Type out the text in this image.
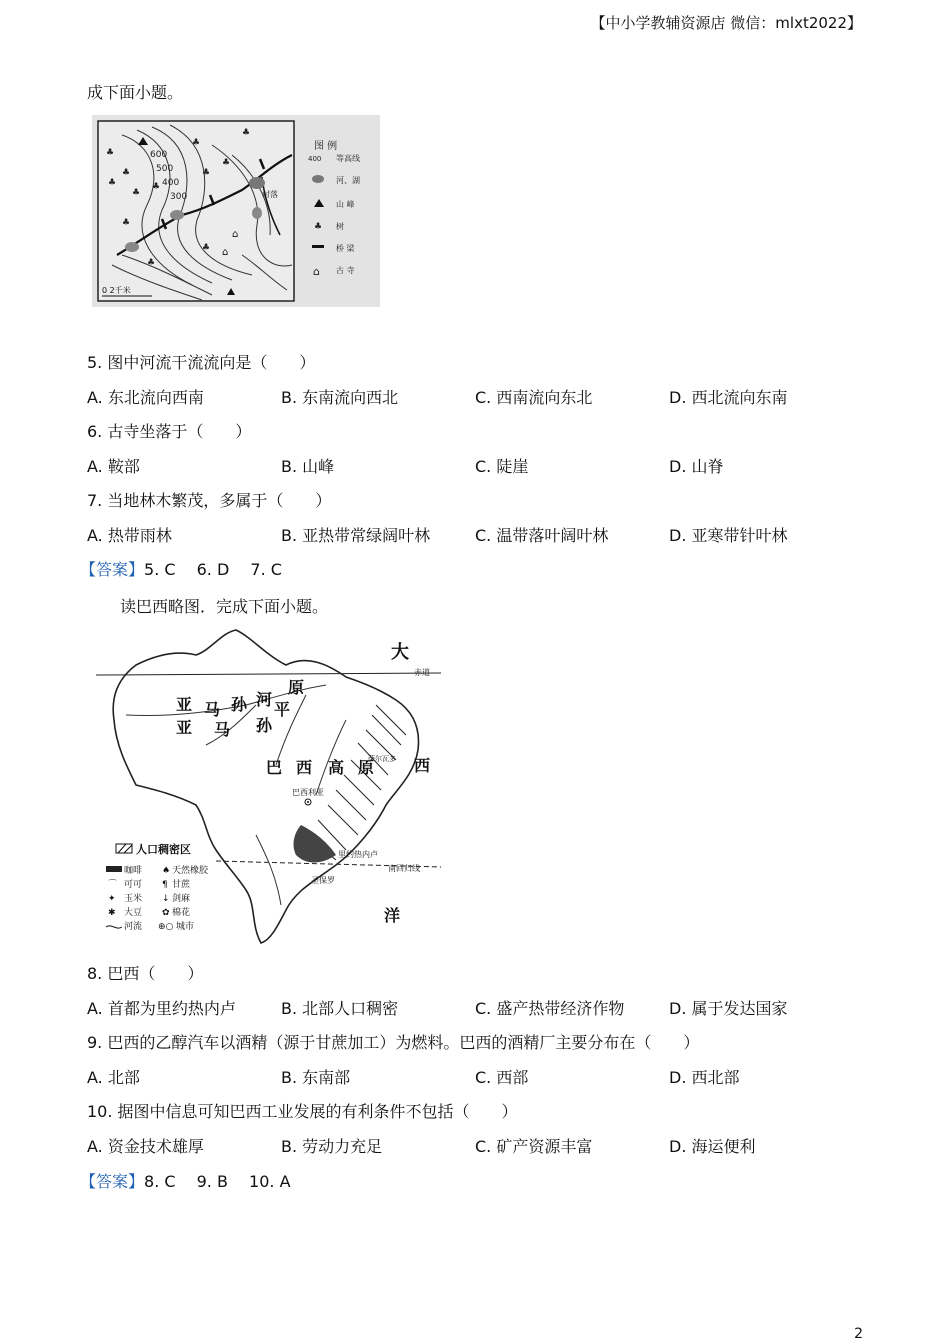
【中小学教辅资源店 微信：mlxt2022】
成下面小题。
600
500
400
300	村落
⌂
⌂
♣
♣
♣
♣
♣
♣
♣
♣
♣
♣
♣
♣
0 2千米
图 例
400 等高线
河、湖
山 峰
♣ 树
桥 梁
⌂ 古 寺
5. 图中河流干流流向是（　　）
A. 东北流向西南	B. 东南流向西北	C. 西南流向东北	D. 西北流向东南
6. 古寺坐落于（　　）
A. 鞍部	B. 山峰	C. 陡崖	D. 山脊
7. 当地林木繁茂，多属于（　　）
A. 热带雨林	B. 亚热带常绿阔叶林	C. 温带落叶阔叶林	D. 亚寒带针叶林
【答案】5. C　 6. D　 7. C
读巴西略图．完成下面小题。
大
赤道
亚 马 孙 河
平
原
亚 马 孙
巴 西 高 原 西
巴西利亚
里约热内卢
南回归线
圣保罗
洋
萨尔瓦多
人口稠密区
咖啡 ♠ 天然橡胶
⌒ 可可 ¶ 甘蔗
✦ 玉米 ↓ 剑麻
✱ 大豆 ✿ 棉花
河流 ⊕○ 城市
8. 巴西（　　）
A. 首都为里约热内卢	B. 北部人口稠密	C. 盛产热带经济作物	D. 属于发达国家
9. 巴西的乙醇汽车以酒精（源于甘蔗加工）为燃料。巴西的酒精厂主要分布在（　　）
A. 北部	B. 东南部	C. 西部	D. 西北部
10. 据图中信息可知巴西工业发展的有利条件不包括（　　）
A. 资金技术雄厚	B. 劳动力充足	C. 矿产资源丰富	D. 海运便利
【答案】8. C　 9. B　 10. A
2
